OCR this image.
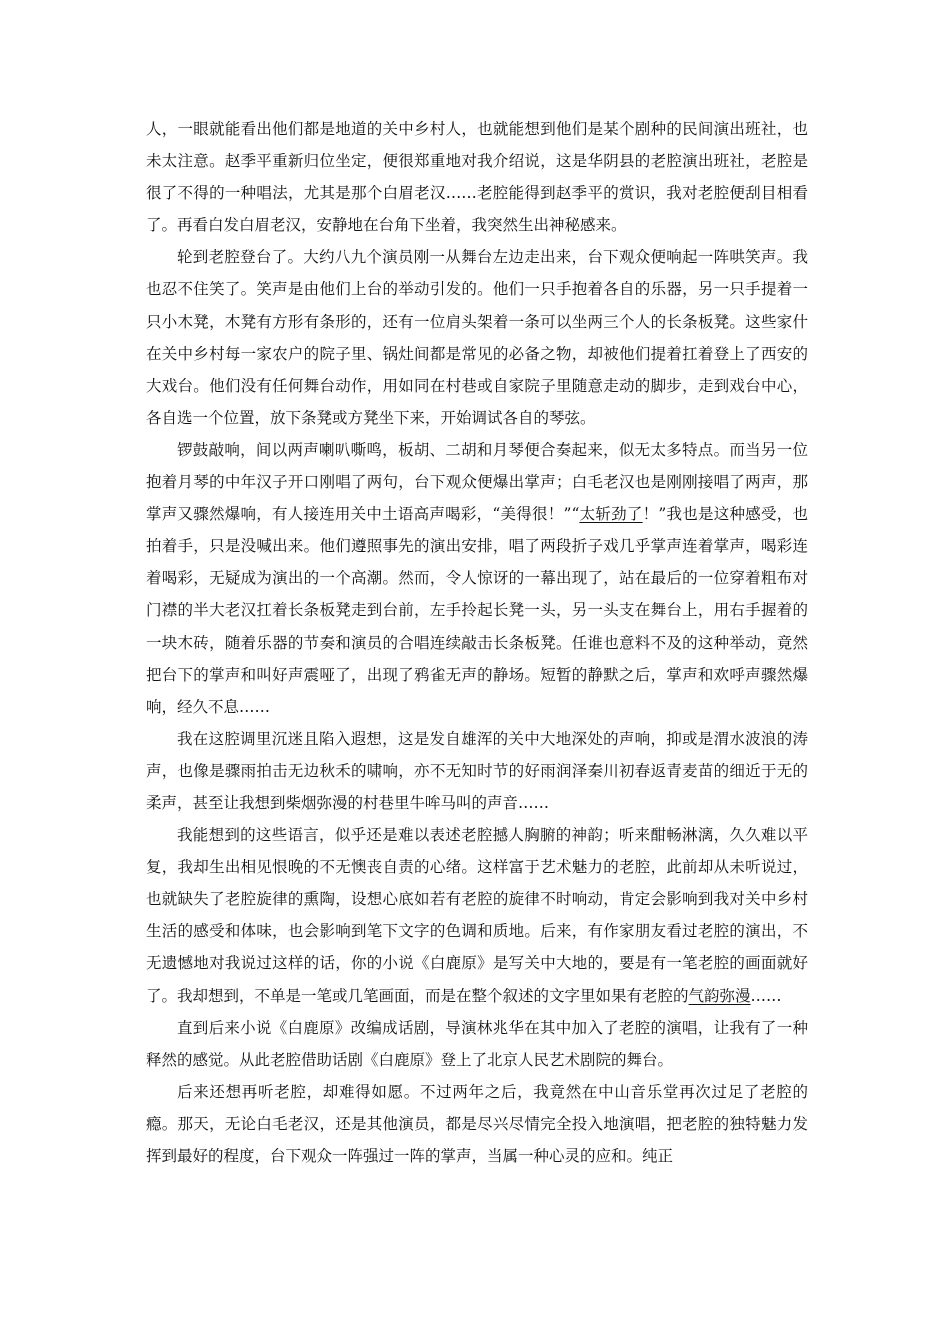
人，一眼就能看出他们都是地道的关中乡村人，也就能想到他们是某个剧种的民间演出班社，也未太注意。赵季平重新归位坐定，便很郑重地对我介绍说，这是华阴县的老腔演出班社，老腔是很了不得的一种唱法，尤其是那个白眉老汉……老腔能得到赵季平的赏识，我对老腔便刮目相看了。再看白发白眉老汉，安静地在台角下坐着，我突然生出神秘感来。

轮到老腔登台了。大约八九个演员刚一从舞台左边走出来，台下观众便响起一阵哄笑声。我也忍不住笑了。笑声是由他们上台的举动引发的。他们一只手抱着各自的乐器，另一只手提着一只小木凳，木凳有方形有条形的，还有一位肩头架着一条可以坐两三个人的长条板凳。这些家什在关中乡村每一家农户的院子里、锅灶间都是常见的必备之物，却被他们提着扛着登上了西安的大戏台。他们没有任何舞台动作，用如同在村巷或自家院子里随意走动的脚步，走到戏台中心，各自选一个位置，放下条凳或方凳坐下来，开始调试各自的琴弦。

锣鼓敲响，间以两声喇叭嘶鸣，板胡、二胡和月琴便合奏起来，似无太多特点。而当另一位抱着月琴的中年汉子开口刚唱了两句，台下观众便爆出掌声；白毛老汉也是刚刚接唱了两声，那掌声又骤然爆响，有人接连用关中土语高声喝彩，“美得很！”“太斩劲了！”我也是这种感受，也拍着手，只是没喊出来。他们遵照事先的演出安排，唱了两段折子戏几乎掌声连着掌声，喝彩连着喝彩，无疑成为演出的一个高潮。然而，令人惊讶的一幕出现了，站在最后的一位穿着粗布对门襟的半大老汉扛着长条板凳走到台前，左手拎起长凳一头，另一头支在舞台上，用右手握着的一块木砖，随着乐器的节奏和演员的合唱连续敲击长条板凳。任谁也意料不及的这种举动，竟然把台下的掌声和叫好声震哑了，出现了鸦雀无声的静场。短暂的静默之后，掌声和欢呼声骤然爆响，经久不息……

我在这腔调里沉迷且陷入遐想，这是发自雄浑的关中大地深处的声响，抑或是渭水波浪的涛声，也像是骤雨拍击无边秋禾的啸响，亦不无知时节的好雨润泽秦川初春返青麦苗的细近于无的柔声，甚至让我想到柴烟弥漫的村巷里牛哞马叫的声音……

我能想到的这些语言，似乎还是难以表述老腔撼人胸腑的神韵；听来酣畅淋漓，久久难以平复，我却生出相见恨晚的不无懊丧自责的心绪。这样富于艺术魅力的老腔，此前却从未听说过，也就缺失了老腔旋律的熏陶，设想心底如若有老腔的旋律不时响动，肯定会影响到我对关中乡村生活的感受和体味，也会影响到笔下文字的色调和质地。后来，有作家朋友看过老腔的演出，不无遗憾地对我说过这样的话，你的小说《白鹿原》是写关中大地的，要是有一笔老腔的画面就好了。我却想到，不单是一笔或几笔画面，而是在整个叙述的文字里如果有老腔的气韵弥漫……

直到后来小说《白鹿原》改编成话剧，导演林兆华在其中加入了老腔的演唱，让我有了一种释然的感觉。从此老腔借助话剧《白鹿原》登上了北京人民艺术剧院的舞台。

后来还想再听老腔，却难得如愿。不过两年之后，我竟然在中山音乐堂再次过足了老腔的瘾。那天，无论白毛老汉，还是其他演员，都是尽兴尽情完全投入地演唱，把老腔的独特魅力发挥到最好的程度，台下观众一阵强过一阵的掌声，当属一种心灵的应和。纯正
